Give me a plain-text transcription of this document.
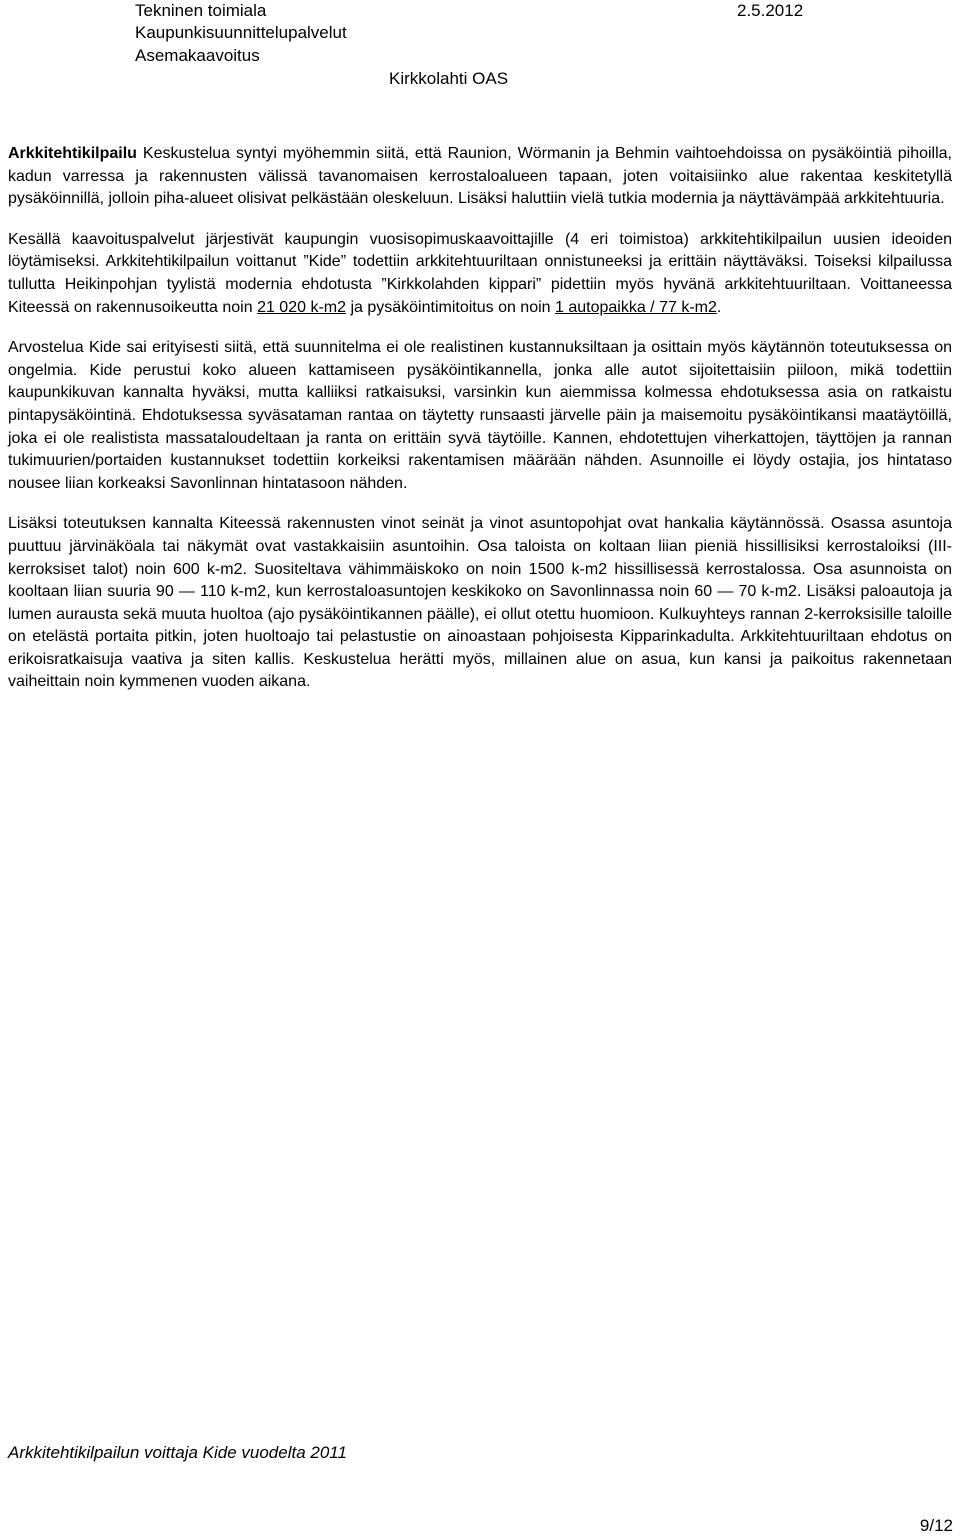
Tekninen toimiala	2.5.2012
Kaupunkisuunnittelupalvelut
Asemakaavoitus
Kirkkolahti OAS

Arkkitehtikilpailu Keskustelua syntyi myöhemmin siitä, että Raunion, Wörmanin ja Behmin vaihtoehdoissa on pysäköintiä pihoilla, kadun varressa ja rakennusten välissä tavanomaisen kerrostaloalueen tapaan, joten voitaisiinko alue rakentaa keskitetyllä pysäköinnillä, jolloin piha-alueet olisivat pelkästään oleskeluun. Lisäksi haluttiin vielä tutkia modernia ja näyttävämpää arkkitehtuuria.

Kesällä kaavoituspalvelut järjestivät kaupungin vuosisopimuskaavoittajille (4 eri toimistoa) arkkitehtikilpailun uusien ideoiden löytämiseksi. Arkkitehtikilpailun voittanut ”Kide” todettiin arkkitehtuuriltaan onnistuneeksi ja erittäin näyttäväksi. Toiseksi kilpailussa tullutta Heikinpohjan tyylistä modernia ehdotusta ”Kirkkolahden kippari” pidettiin myös hyvänä arkkitehtuuriltaan. Voittaneessa Kiteessä on rakennusoikeutta noin 21 020 k-m2 ja pysäköintimitoitus on noin 1 autopaikka / 77 k-m2.

Arvostelua Kide sai erityisesti siitä, että suunnitelma ei ole realistinen kustannuksiltaan ja osittain myös käytännön toteutuksessa on ongelmia. Kide perustui koko alueen kattamiseen pysäköintikannella, jonka alle autot sijoitettaisiin piiloon, mikä todettiin kaupunkikuvan kannalta hyväksi, mutta kalliiksi ratkaisuksi, varsinkin kun aiemmissa kolmessa ehdotuksessa asia on ratkaistu pintapysäköintinä. Ehdotuksessa syväsataman rantaa on täytetty runsaasti järvelle päin ja maisemoitu pysäköintikansi maatäytöillä, joka ei ole realistista massataloudeltaan ja ranta on erittäin syvä täytöille. Kannen, ehdotettujen viherkattojen, täyttöjen ja rannan tukimuurien/portaiden kustannukset todettiin korkeiksi rakentamisen määrään nähden. Asunnoille ei löydy ostajia, jos hintataso nousee liian korkeaksi Savonlinnan hintatasoon nähden.

Lisäksi toteutuksen kannalta Kiteessä rakennusten vinot seinät ja vinot asuntopohjat ovat hankalia käytännössä. Osassa asuntoja puuttuu järvinäköala tai näkymät ovat vastakkaisiin asuntoihin. Osa taloista on koltaan liian pieniä hissillisiksi kerrostaloiksi (III-kerroksiset talot) noin 600 k-m2. Suositeltava vähimmäiskoko on noin 1500 k-m2 hissillisessä kerrostalossa. Osa asunnoista on kooltaan liian suuria 90 — 110 k-m2, kun kerrostaloasuntojen keskikoko on Savonlinnassa noin 60 — 70 k-m2. Lisäksi paloautoja ja lumen auraustа sekä muuta huoltoa (ajo pysäköintikannen päälle), ei ollut otettu huomioon. Kulkuyhteys rannan 2-kerroksisille taloille on etelästä portaita pitkin, joten huoltoajo tai pelastustie on ainoastaan pohjoisesta Kipparinkadulta. Arkkitehtuuriltaan ehdotus on erikoisratkaisuja vaativa ja siten kallis. Keskustelua herätti myös, millainen alue on asua, kun kansi ja paikoitus rakennetaan vaiheittain noin kymmenen vuoden aikana.

Arkkitehtikilpailun voittaja Kide vuodelta 2011
9/12
